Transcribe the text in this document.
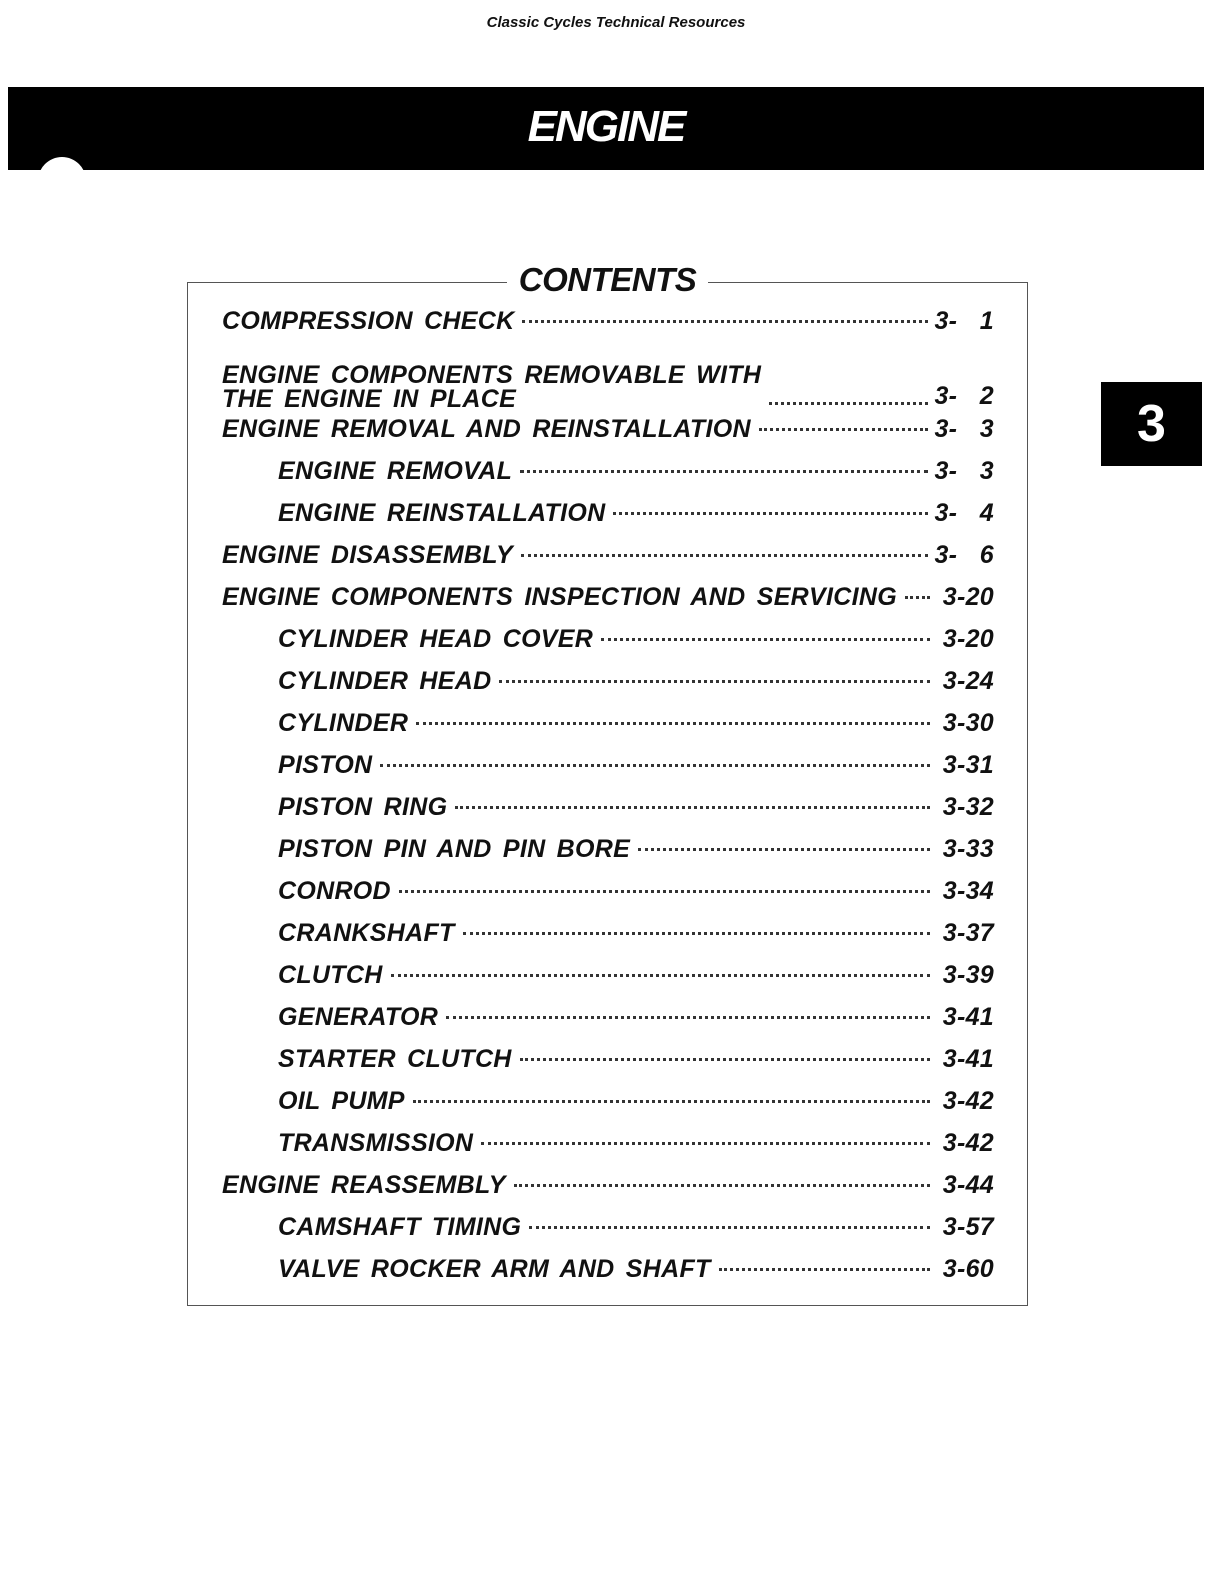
Classic Cycles Technical Resources
ENGINE
3
CONTENTS
COMPRESSION CHECK	3-  1
ENGINE COMPONENTS REMOVABLE WITH
THE ENGINE IN PLACE	3-  2
ENGINE REMOVAL AND REINSTALLATION	3-  3
ENGINE REMOVAL	3-  3
ENGINE REINSTALLATION	3-  4
ENGINE DISASSEMBLY	3-  6
ENGINE COMPONENTS INSPECTION AND SERVICING 3-20
CYLINDER HEAD COVER	3-20
CYLINDER HEAD	3-24
CYLINDER	3-30
PISTON	3-31
PISTON RING	3-32
PISTON PIN AND PIN BORE	3-33
CONROD	3-34
CRANKSHAFT	3-37
CLUTCH	3-39
GENERATOR	3-41
STARTER CLUTCH	3-41
OIL PUMP	3-42
TRANSMISSION	3-42
ENGINE REASSEMBLY	3-44
CAMSHAFT TIMING	3-57
VALVE ROCKER ARM AND SHAFT	3-60
